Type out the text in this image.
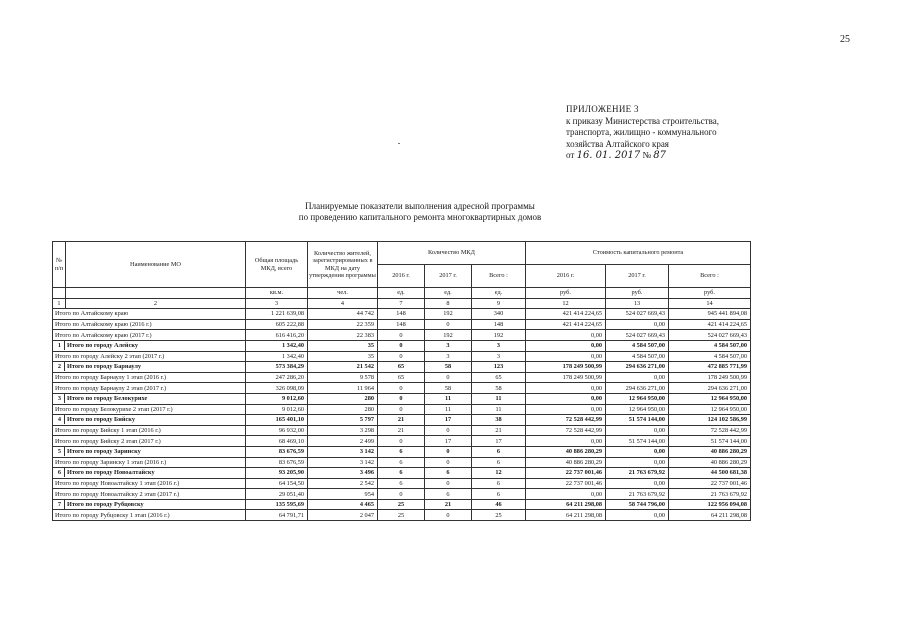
25
ПРИЛОЖЕНИЕ 3
к приказу Министерства строительства,
транспорта, жилищно - коммунального
хозяйства Алтайского края
от 16. 01. 2017 № 87
Планируемые показатели выполнения адресной программы
по проведению капитального ремонта многоквартирных домов
№ п/п	Наименование МО	Общая площадь МКД, всего	Количество жителей, зарегистрированных в МКД на дату утверждения программы	Количество МКД			Стоимость капитального ремонта		
				2016 г.	2017 г.	Всего :	2016 г.	2017 г.	Всего :
		кв.м.	чел.	ед.	ед.	ед.	руб.	руб.	руб.
1	2	3	4	7	8	9	12	13	14
Итого по Алтайскому краю		1 221 639,08	44 742	148	192	340	421 414 224,65	524 027 669,43	945 441 894,08
Итого по Алтайскому краю (2016 г.)		605 222,88	22 359	148	0	148	421 414 224,65	0,00	421 414 224,65
Итого по Алтайскому краю (2017 г.)		616 416,20	22 383	0	192	192	0,00	524 027 669,43	524 027 669,43
1 Итого по городу Алейску		1 342,40	35	0	3	3	0,00	4 584 507,00	4 584 507,00
Итого по городу Алейску 2 этап (2017 г.)		1 342,40	35	0	3	3	0,00	4 584 507,00	4 584 507,00
2 Итого по городу Барнаулу		573 384,29	21 542	65	58	123	178 249 500,99	294 636 271,00	472 885 771,99
Итого по городу Барнаулу 1 этап (2016 г.)		247 286,20	9 578	65	0	65	178 249 500,99	0,00	178 249 500,99
Итого по городу Барнаулу 2 этап (2017 г.)		326 098,09	11 964	0	58	58	0,00	294 636 271,00	294 636 271,00
3 Итого по городу Белокурихе		9 012,60	280	0	11	11	0,00	12 964 950,00	12 964 950,00
Итого по городу Белокурихе 2 этап (2017 г.)		9 012,60	280	0	11	11	0,00	12 964 950,00	12 964 950,00
4 Итого по городу Бийску		165 401,10	5 797	21	17	38	72 528 442,99	51 574 144,00	124 102 586,99
Итого по городу Бийску 1 этап (2016 г.)		96 932,00	3 298	21	0	21	72 528 442,99	0,00	72 528 442,99
Итого по городу Бийску 2 этап (2017 г.)		68 469,10	2 499	0	17	17	0,00	51 574 144,00	51 574 144,00
5 Итого по городу Заринску		83 676,59	3 142	6	0	6	40 886 280,29	0,00	40 886 280,29
Итого по городу Заринску 1 этап (2016 г.)		83 676,59	3 142	6	0	6	40 886 280,29	0,00	40 886 280,29
6 Итого по городу Новоалтайску		93 205,90	3 496	6	6	12	22 737 001,46	21 763 679,92	44 500 681,38
Итого по городу Новоалтайску 1 этап (2016 г.)		64 154,50	2 542	6	0	6	22 737 001,46	0,00	22 737 001,46
Итого по городу Новоалтайску 2 этап (2017 г.)		29 051,40	954	0	6	6	0,00	21 763 679,92	21 763 679,92
7 Итого по городу Рубцовску		135 595,69	4 465	25	21	46	64 211 298,08	58 744 796,00	122 956 094,08
Итого по городу Рубцовску 1 этап (2016 г.)		64 791,71	2 047	25	0	25	64 211 298,08	0,00	64 211 298,08
